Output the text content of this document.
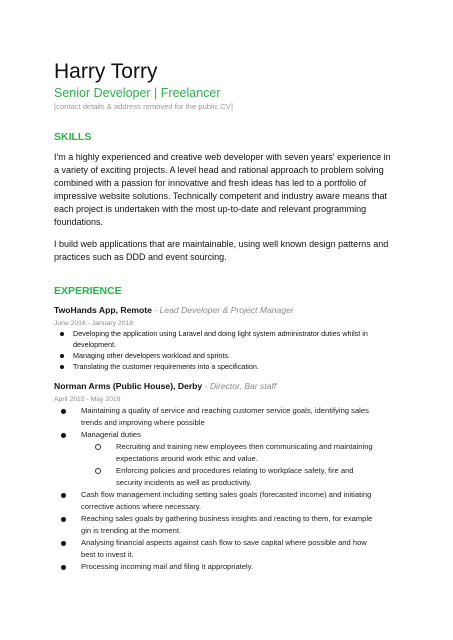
Harry Torry
Senior Developer | Freelancer
[contact details & address removed for the public CV]
SKILLS

I'm a highly experienced and creative web developer with seven years' experience in

a variety of exciting projects. A level head and rational approach to problem solving

combined with a passion for innovative and fresh ideas has led to a portfolio of

impressive website solutions. Technically competent and industry aware means that

each project is undertaken with the most up-to-date and relevant programming

foundations.

I build web applications that are maintainable, using well known design patterns and

practices such as DDD and event sourcing.

EXPERIENCE
TwoHands App, Remote - Lead Developer & Project Manager
June 2016 - January 2018

Developing the application using Laravel and doing light system administrator duties whilst in

development.

Managing other developers workload and sprints.

Translating the customer requirements into a specification.

Norman Arms (Public House), Derby - Director, Bar staff
April 2015 - May 2018

Maintaining a quality of service and reaching customer service goals, identifying sales

trends and improving where possible

Managerial duties

Recruiting and training new employees then communicating and maintaining

expectations around work ethic and value.

Enforcing policies and procedures relating to workplace safety, fire and

security incidents as well as productivity.

Cash flow management including setting sales goals (forecasted income) and initiating

corrective actions where necessary.

Reaching sales goals by gathering business insights and reacting to them, for example

gin is trending at the moment.

Analysing financial aspects against cash flow to save capital where possible and how

best to invest it.

Processing incoming mail and filing it appropriately.
